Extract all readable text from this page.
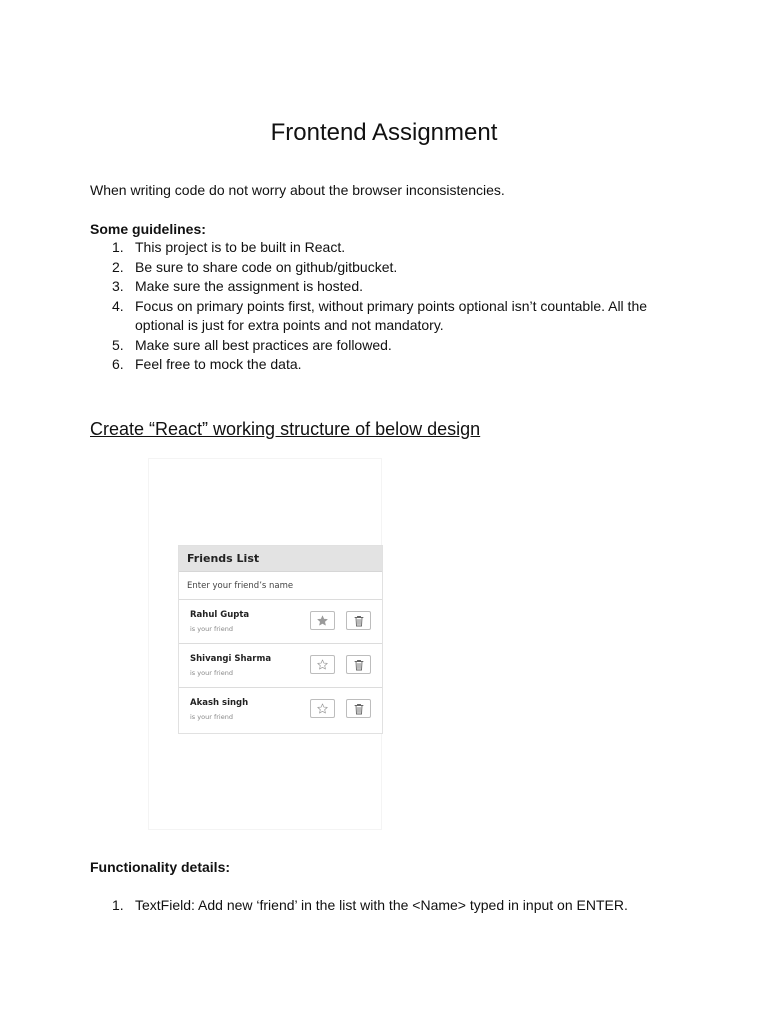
Frontend Assignment
When writing code do not worry about the browser inconsistencies.
Some guidelines:
1. This project is to be built in React.
2. Be sure to share code on github/gitbucket.
3. Make sure the assignment is hosted.
4. Focus on primary points first, without primary points optional isn’t countable. All the optional is just for extra points and not mandatory.
5. Make sure all best practices are followed.
6. Feel free to mock the data.
Create “React” working structure of below design
Friends List
Enter your friend’s name
Rahul Gupta
is your friend
Shivangi Sharma
is your friend
Akash singh
is your friend
Functionality details:
1. TextField: Add new ‘friend’ in the list with the <Name> typed in input on ENTER.
